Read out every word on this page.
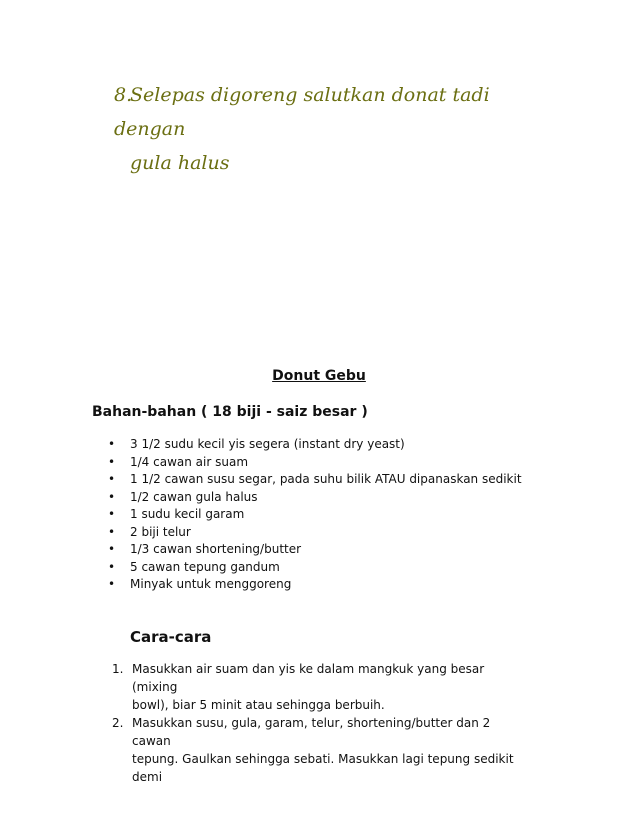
8.Selepas digoreng salutkan donat tadi dengan
gula halus
Donut Gebu
Bahan-bahan ( 18 biji - saiz besar )
• 3 1/2 sudu kecil yis segera (instant dry yeast)
• 1/4 cawan air suam
• 1 1/2 cawan susu segar, pada suhu bilik ATAU dipanaskan sedikit
• 1/2 cawan gula halus
• 1 sudu kecil garam
• 2 biji telur
• 1/3 cawan shortening/butter
• 5 cawan tepung gandum
• Minyak untuk menggoreng
Cara-cara
1. Masukkan air suam dan yis ke dalam mangkuk yang besar (mixing
bowl), biar 5 minit atau sehingga berbuih.
2. Masukkan susu, gula, garam, telur, shortening/butter dan 2 cawan
tepung. Gaulkan sehingga sebati. Masukkan lagi tepung sedikit demi
